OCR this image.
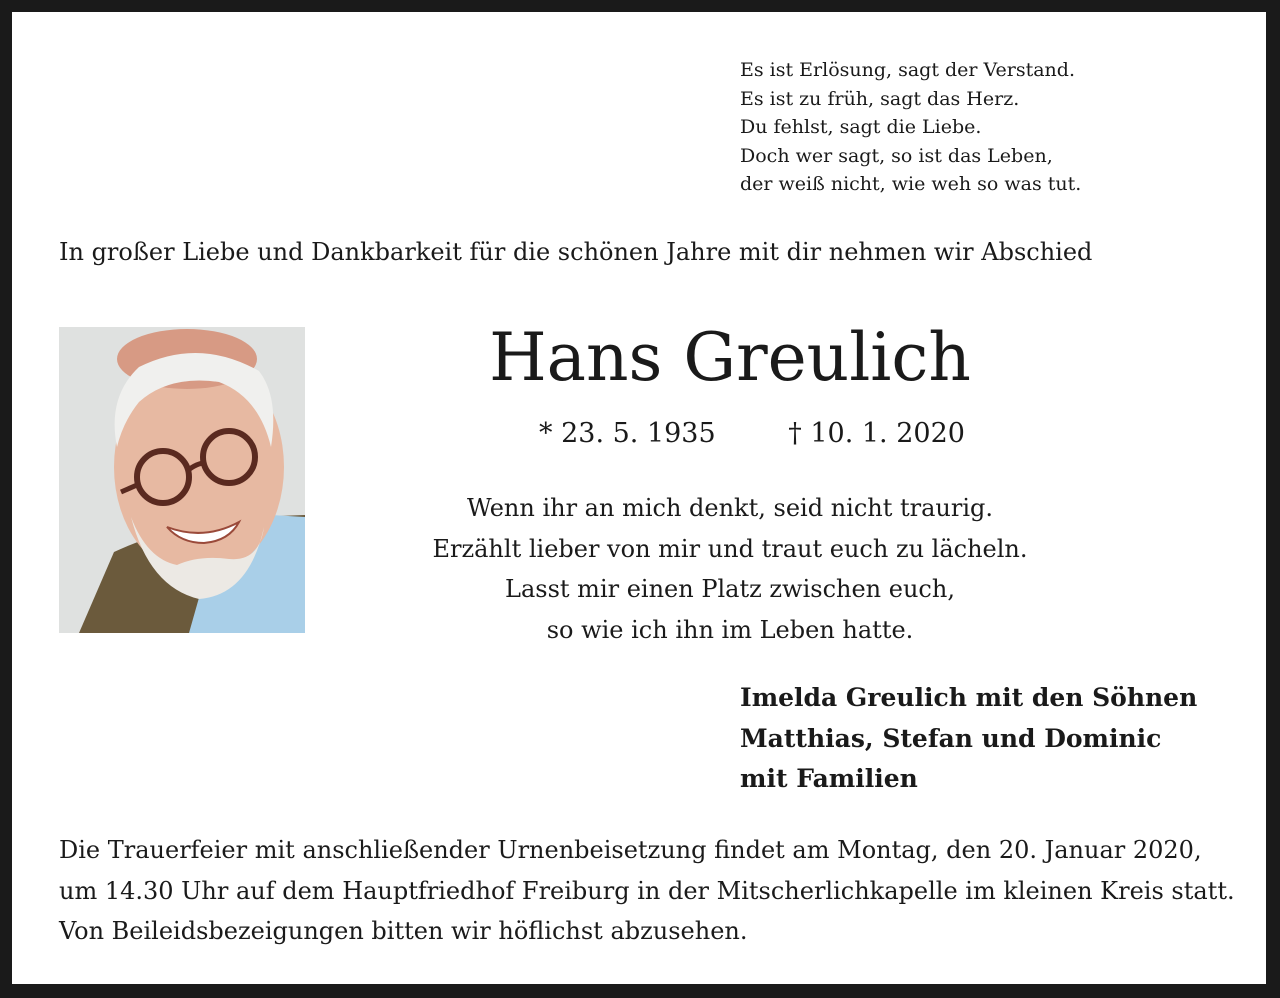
Es ist Erlösung, sagt der Verstand.
Es ist zu früh, sagt das Herz.
Du fehlst, sagt die Liebe.
Doch wer sagt, so ist das Leben,
der weiß nicht, wie weh so was tut.

In großer Liebe und Dankbarkeit für die schönen Jahre mit dir nehmen wir Abschied

Hans Greulich
* 23. 5. 1935	† 10. 1. 2020
Wenn ihr an mich denkt, seid nicht traurig.
Erzählt lieber von mir und traut euch zu lächeln.
Lasst mir einen Platz zwischen euch,
so wie ich ihn im Leben hatte.
Imelda Greulich mit den Söhnen
Matthias, Stefan und Dominic
mit Familien
Die Trauerfeier mit anschließender Urnenbeisetzung findet am Montag, den 20. Januar 2020,
um 14.30 Uhr auf dem Hauptfriedhof Freiburg in der Mitscherlichkapelle im kleinen Kreis statt.
Von Beileidsbezeigungen bitten wir höflichst abzusehen.
